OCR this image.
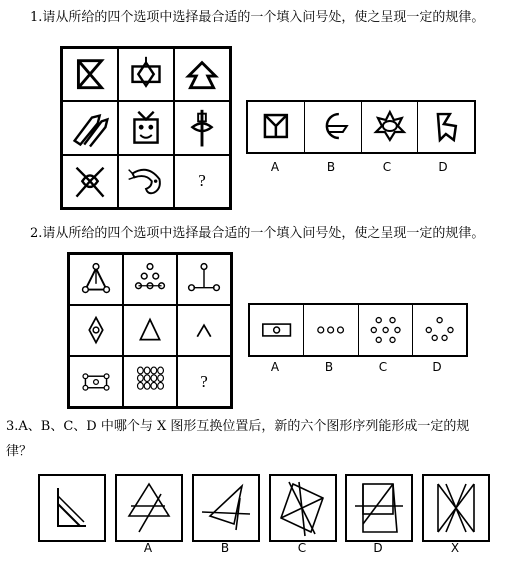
1.请从所给的四个选项中选择最合适的一个填入问号处，使之呈现一定的规律。
?
A	B	C	D
2.请从所给的四个选项中选择最合适的一个填入问号处，使之呈现一定的规律。
?
A	B	C	D
3.A、B、C、D 中哪个与 X 图形互换位置后，新的六个图形序列能形成一定的规
律？
A	B	C	D	X
